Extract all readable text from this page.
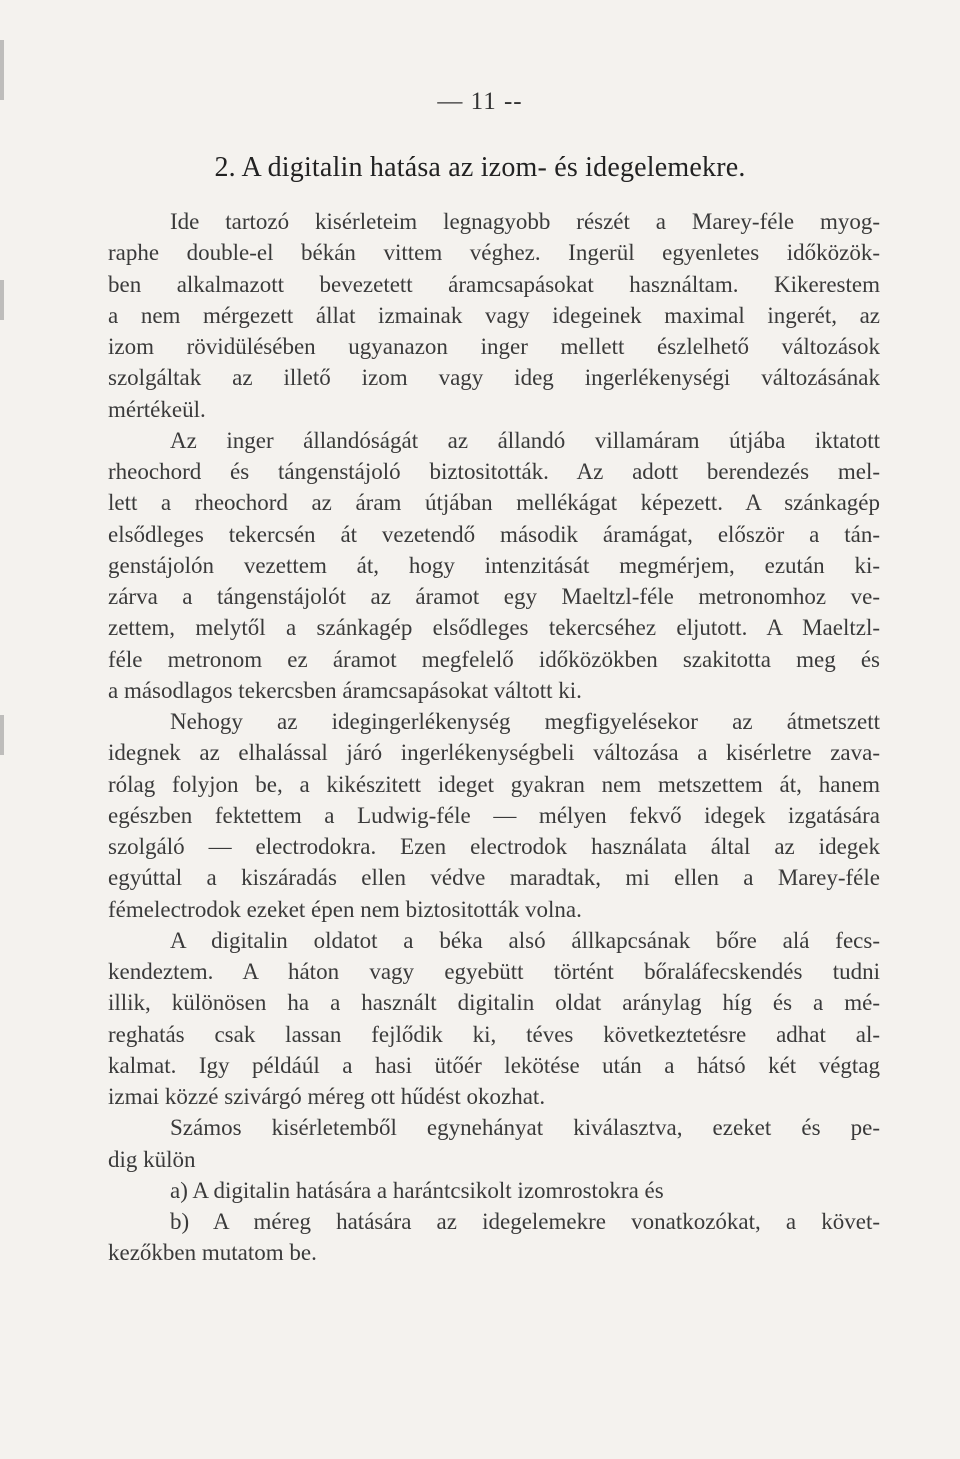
— 11 --
2. A digitalin hatása az izom- és idegelemekre.
Ide tartozó kisérleteim legnagyobb részét a Marey-féle myog-
raphe double-el békán vittem véghez. Ingerül egyenletes időközök-
ben alkalmazott bevezetett áramcsapásokat használtam. Kikerestem
a nem mérgezett állat izmainak vagy idegeinek maximal ingerét, az
izom rövidülésében ugyanazon inger mellett észlelhető változások
szolgáltak az illető izom vagy ideg ingerlékenységi változásának
mértékeül.
Az inger állandóságát az állandó villamáram útjába iktatott
rheochord és tángenstájoló biztositották. Az adott berendezés mel-
lett a rheochord az áram útjában mellékágat képezett. A szánkagép
elsődleges tekercsén át vezetendő második áramágat, először a tán-
genstájolón vezettem át, hogy intenzitását megmérjem, ezután ki-
zárva a tángenstájolót az áramot egy Maeltzl-féle metronomhoz ve-
zettem, melytől a szánkagép elsődleges tekercséhez eljutott. A Maeltzl-
féle metronom ez áramot megfelelő időközökben szakitotta meg és
a másodlagos tekercsben áramcsapásokat váltott ki.
Nehogy az idegingerlékenység megfigyelésekor az átmetszett
idegnek az elhalással járó ingerlékenységbeli változása a kisérletre zava-
rólag folyjon be, a kikészitett ideget gyakran nem metszettem át, hanem
egészben fektettem a Ludwig-féle — mélyen fekvő idegek izgatására
szolgáló — electrodokra. Ezen electrodok használata által az idegek
egyúttal a kiszáradás ellen védve maradtak, mi ellen a Marey-féle
fémelectrodok ezeket épen nem biztositották volna.
A digitalin oldatot a béka alsó állkapcsának bőre alá fecs-
kendeztem. A háton vagy egyebütt történt bőraláfecskendés tudni
illik, különösen ha a használt digitalin oldat aránylag híg és a mé-
reghatás csak lassan fejlődik ki, téves következtetésre adhat al-
kalmat. Igy példáúl a hasi ütőér lekötése után a hátsó két végtag
izmai közzé szivárgó méreg ott hűdést okozhat.
Számos kisérletemből egynehányat kiválasztva, ezeket és pe-
dig külön
a) A digitalin hatására a harántcsikolt izomrostokra és
b) A méreg hatására az idegelemekre vonatkozókat, a követ-
kezőkben mutatom be.
